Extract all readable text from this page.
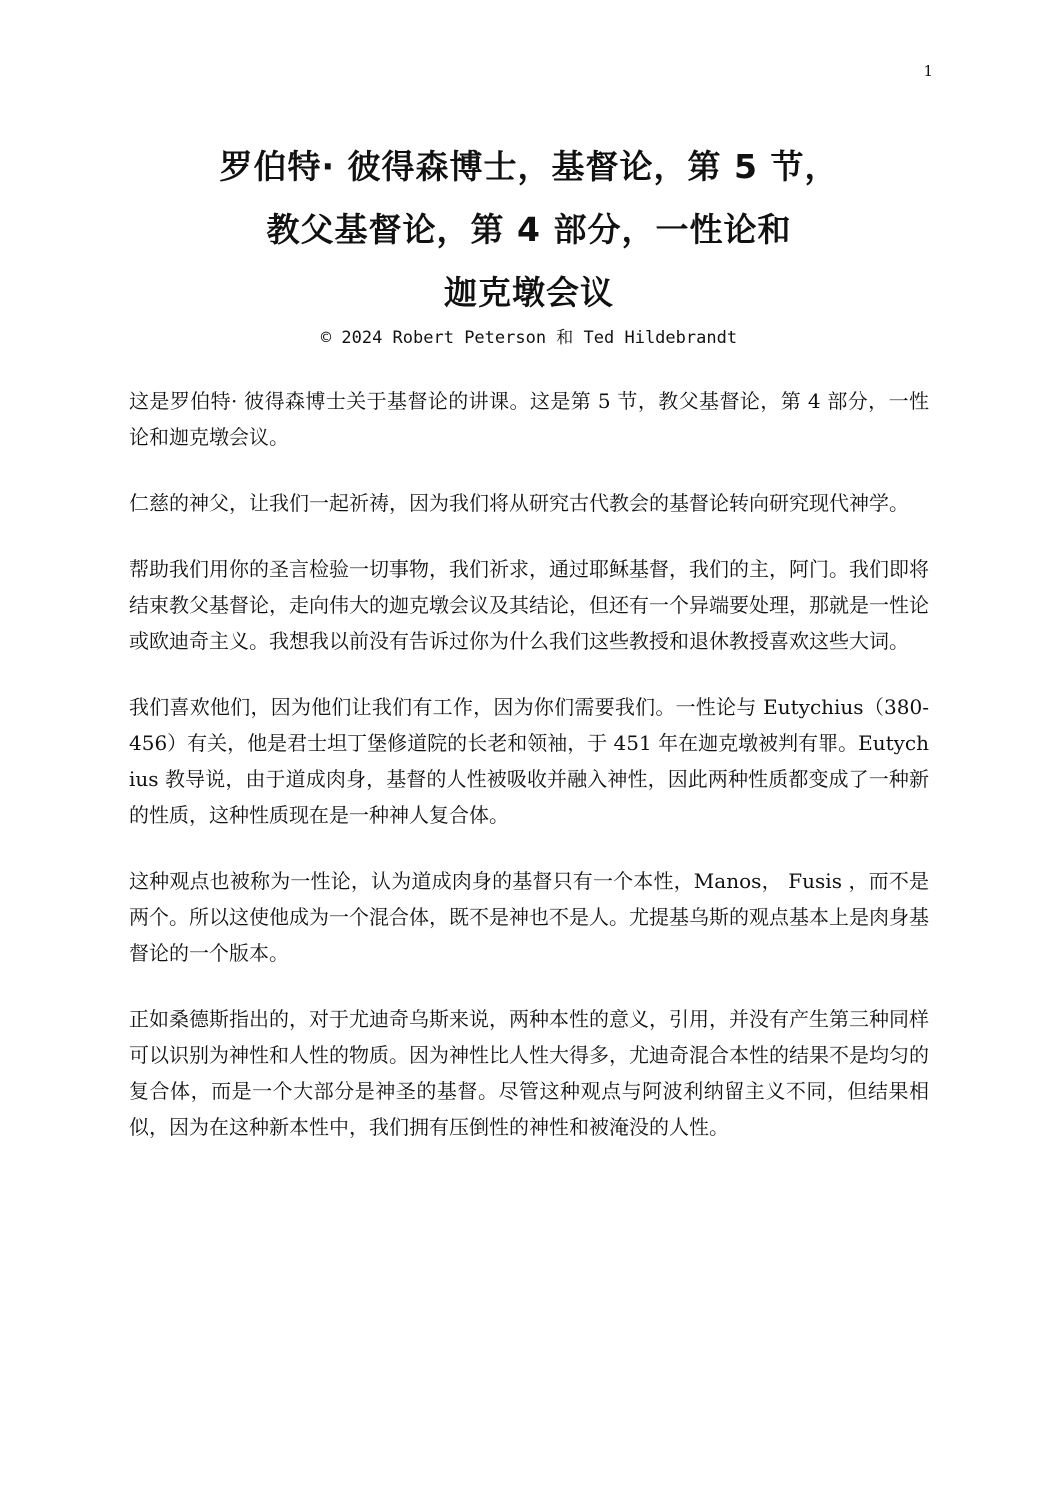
1
罗伯特· 彼得森博士，基督论，第 5 节，
教父基督论，第 4 部分，一性论和
迦克墩会议
© 2024 Robert Peterson 和 Ted Hildebrandt

这是罗伯特· 彼得森博士关于基督论的讲课。这是第 5 节，教父基督论，第 4 部分，一性论和迦克墩会议。

仁慈的神父，让我们一起祈祷，因为我们将从研究古代教会的基督论转向研究现代神学。

帮助我们用你的圣言检验一切事物，我们祈求，通过耶稣基督，我们的主，阿门。我们即将结束教父基督论，走向伟大的迦克墩会议及其结论，但还有一个异端要处理，那就是一性论或欧迪奇主义。我想我以前没有告诉过你为什么我们这些教授和退休教授喜欢这些大词。

我们喜欢他们，因为他们让我们有工作，因为你们需要我们。一性论与 Eutychius（380-456）有关，他是君士坦丁堡修道院的长老和领袖，于 451 年在迦克墩被判有罪。Eutychius 教导说，由于道成肉身，基督的人性被吸收并融入神性，因此两种性质都变成了一种新的性质，这种性质现在是一种神人复合体。

这种观点也被称为一性论，认为道成肉身的基督只有一个本性，Manos， Fusis ，而不是两个。所以这使他成为一个混合体，既不是神也不是人。尤提基乌斯的观点基本上是肉身基督论的一个版本。

正如桑德斯指出的，对于尤迪奇乌斯来说，两种本性的意义，引用，并没有产生第三种同样可以识别为神性和人性的物质。因为神性比人性大得多，尤迪奇混合本性的结果不是均匀的复合体，而是一个大部分是神圣的基督。尽管这种观点与阿波利纳留主义不同，但结果相似，因为在这种新本性中，我们拥有压倒性的神性和被淹没的人性。
